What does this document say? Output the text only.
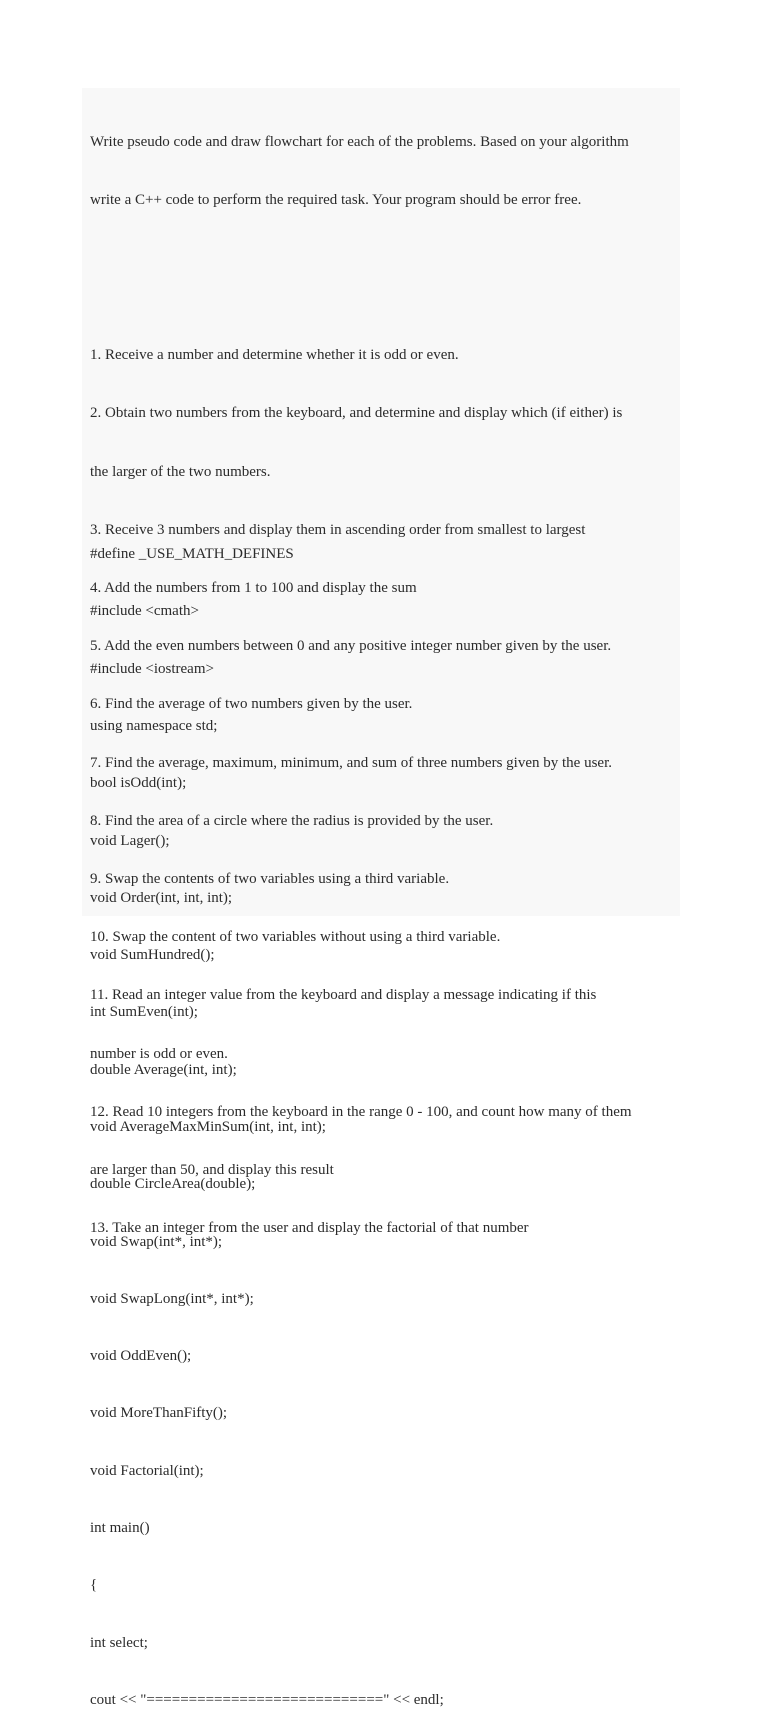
Write pseudo code and draw flowchart for each of the problems. Based on your algorithm

write a C++ code to perform the required task. Your program should be error free.

1. Receive a number and determine whether it is odd or even.

2. Obtain two numbers from the keyboard, and determine and display which (if either) is

the larger of the two numbers.

3. Receive 3 numbers and display them in ascending order from smallest to largest

4. Add the numbers from 1 to 100 and display the sum

5. Add the even numbers between 0 and any positive integer number given by the user.

6. Find the average of two numbers given by the user.

7. Find the average, maximum, minimum, and sum of three numbers given by the user.

8. Find the area of a circle where the radius is provided by the user.

9. Swap the contents of two variables using a third variable.

10. Swap the content of two variables without using a third variable.

11. Read an integer value from the keyboard and display a message indicating if this

number is odd or even.

12. Read 10 integers from the keyboard in the range 0 - 100, and count how many of them

are larger than 50, and display this result

13. Take an integer from the user and display the factorial of that number

#define _USE_MATH_DEFINES

#include <cmath>

#include <iostream>

using namespace std;

bool isOdd(int);

void Lager();

void Order(int, int, int);

void SumHundred();

int SumEven(int);

double Average(int, int);

void AverageMaxMinSum(int, int, int);

double CircleArea(double);

void Swap(int*, int*);

void SwapLong(int*, int*);

void OddEven();

void MoreThanFifty();

void Factorial(int);

int main()

{

int select;

cout << "============================" << endl;
